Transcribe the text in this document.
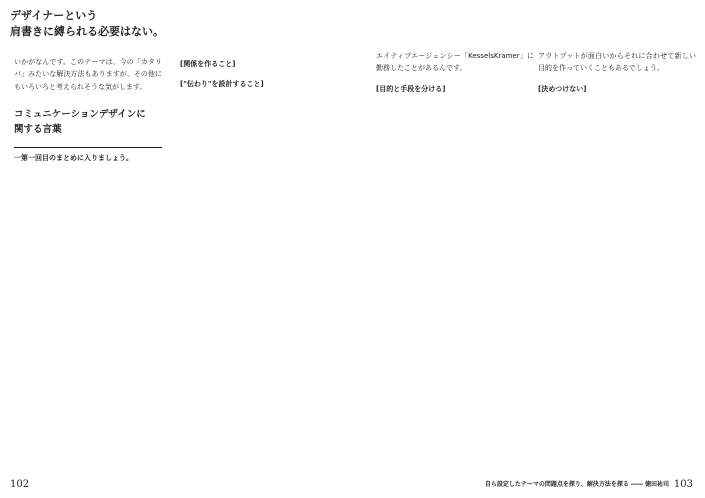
デザイナーという
肩書きに縛られる必要はない。

いかがなんです。このテーマは、今の「カタリバ」みたいな解決方法もありますが、その他にもいろいろと考えられそうな気がします。

コミュニケーションデザインに
関する言葉

一第一回目のまとめに入りましょう。

[関係を作ること]
["伝わり"を設計すること]

エイティブエージェンシー「KesselsKramer」に勤務したことがあるんです。

[目的と手段を分ける]

アウトプットが面白いからそれに合わせて新しい目的を作っていくこともあるでしょう。

[決めつけない]
102	自ら設定したテーマの問題点を探り、解決方法を探る ―― 徳田祐司 103
